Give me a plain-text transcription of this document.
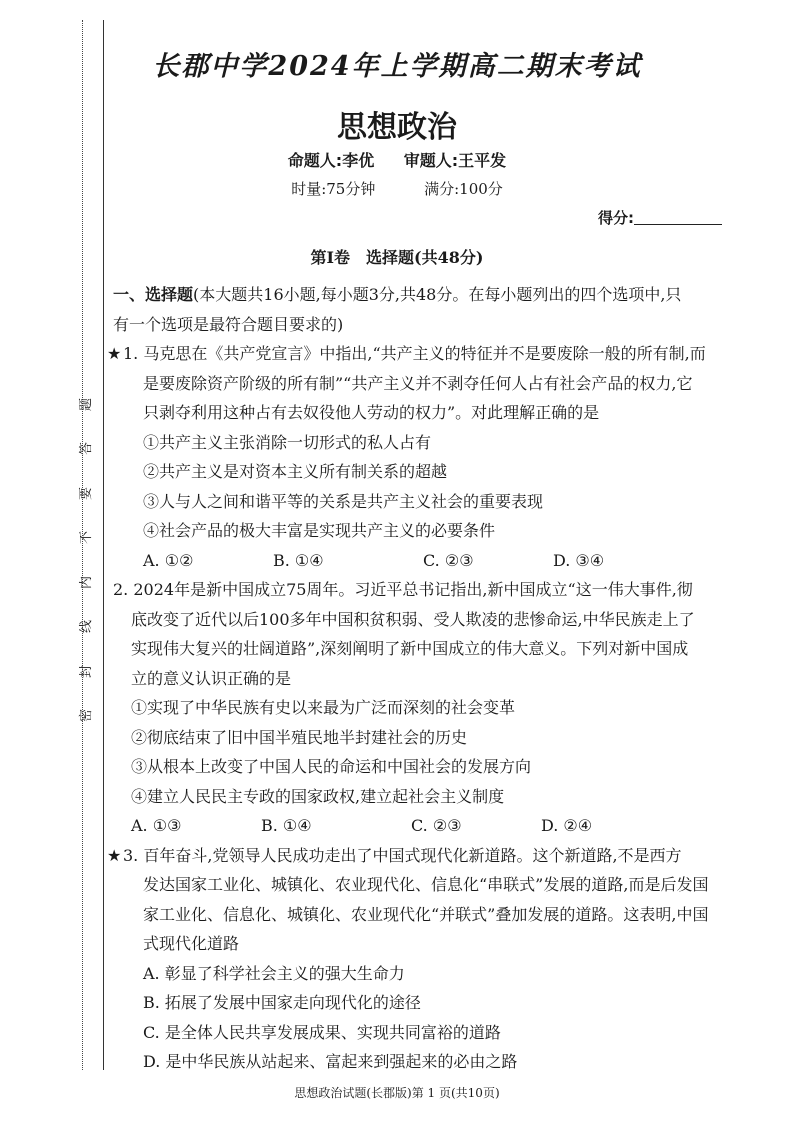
密
封
线
内
不
要
答
题
长郡中学2024年上学期高二期末考试
思想政治
命题人:李优 审题人:王平发
时量:75分钟	满分:100分
得分:
第Ⅰ卷　选择题(共48分)
一、选择题(本大题共16小题,每小题3分,共48分。在每小题列出的四个选项中,只
有一个选项是最符合题目要求的)
★ 1. 马克思在《共产党宣言》中指出,“共产主义的特征并不是要废除一般的所有制,而
是要废除资产阶级的所有制”“共产主义并不剥夺任何人占有社会产品的权力,它
只剥夺利用这种占有去奴役他人劳动的权力”。对此理解正确的是
①共产主义主张消除一切形式的私人占有
②共产主义是对资本主义所有制关系的超越
③人与人之间和谐平等的关系是共产主义社会的重要表现
④社会产品的极大丰富是实现共产主义的必要条件
A. ①②	B. ①④	C. ②③	D. ③④
2. 2024年是新中国成立75周年。习近平总书记指出,新中国成立“这一伟大事件,彻
底改变了近代以后100多年中国积贫积弱、受人欺凌的悲惨命运,中华民族走上了
实现伟大复兴的壮阔道路”,深刻阐明了新中国成立的伟大意义。下列对新中国成
立的意义认识正确的是
①实现了中华民族有史以来最为广泛而深刻的社会变革
②彻底结束了旧中国半殖民地半封建社会的历史
③从根本上改变了中国人民的命运和中国社会的发展方向
④建立人民民主专政的国家政权,建立起社会主义制度
A. ①③	B. ①④	C. ②③	D. ②④
★ 3. 百年奋斗,党领导人民成功走出了中国式现代化新道路。这个新道路,不是西方
发达国家工业化、城镇化、农业现代化、信息化“串联式”发展的道路,而是后发国
家工业化、信息化、城镇化、农业现代化“并联式”叠加发展的道路。这表明,中国
式现代化道路
A. 彰显了科学社会主义的强大生命力
B. 拓展了发展中国家走向现代化的途径
C. 是全体人民共享发展成果、实现共同富裕的道路
D. 是中华民族从站起来、富起来到强起来的必由之路
思想政治试题(长郡版)第 1 页(共10页)
